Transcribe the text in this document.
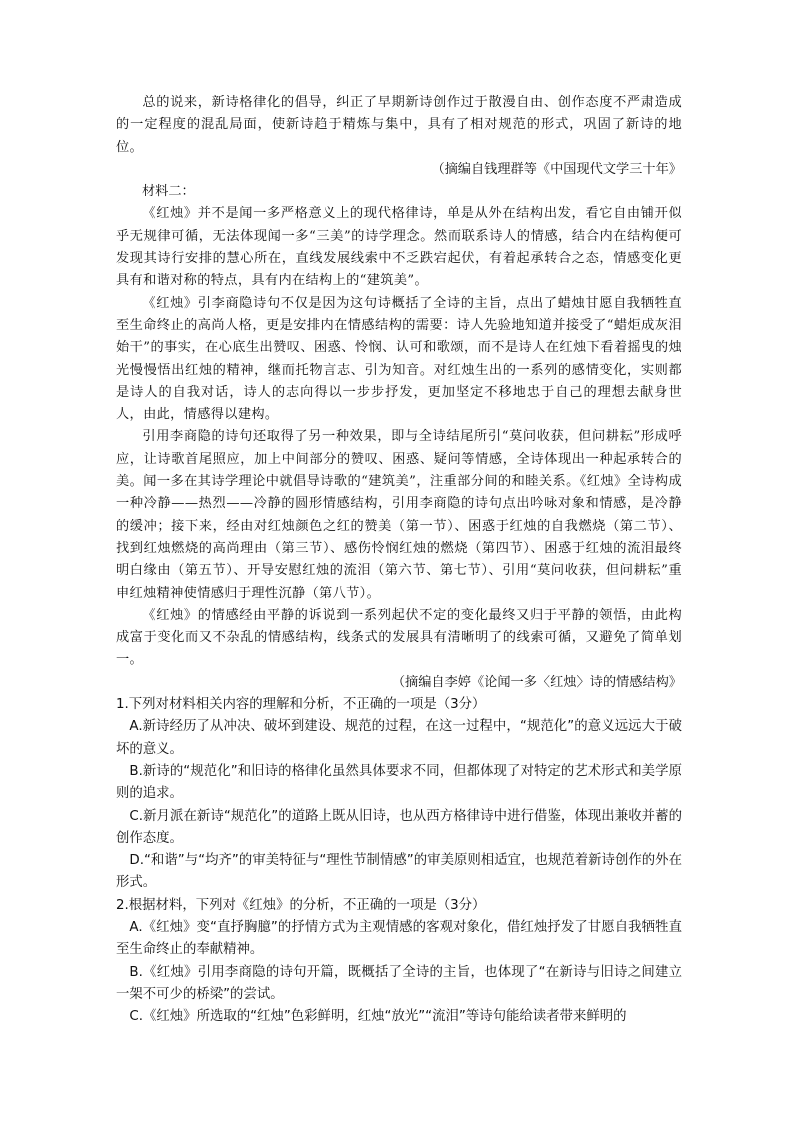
总的说来，新诗格律化的倡导，纠正了早期新诗创作过于散漫自由、创作态度不严肃造成的一定程度的混乱局面，使新诗趋于精炼与集中，具有了相对规范的形式，巩固了新诗的地位。

（摘编自钱理群等《中国现代文学三十年》

材料二：

《红烛》并不是闻一多严格意义上的现代格律诗，单是从外在结构出发，看它自由铺开似乎无规律可循，无法体现闻一多“三美”的诗学理念。然而联系诗人的情感，结合内在结构便可发现其诗行安排的慧心所在，直线发展线索中不乏跌宕起伏，有着起承转合之态，情感变化更具有和谐对称的特点，具有内在结构上的“建筑美”。

《红烛》引李商隐诗句不仅是因为这句诗概括了全诗的主旨，点出了蜡烛甘愿自我牺牲直至生命终止的高尚人格，更是安排内在情感结构的需要：诗人先验地知道并接受了“蜡炬成灰泪始干”的事实，在心底生出赞叹、困惑、怜悯、认可和歌颂，而不是诗人在红烛下看着摇曳的烛光慢慢悟出红烛的精神，继而托物言志、引为知音。对红烛生出的一系列的感情变化，实则都是诗人的自我对话，诗人的志向得以一步步抒发，更加坚定不移地忠于自己的理想去献身世人，由此，情感得以建构。

引用李商隐的诗句还取得了另一种效果，即与全诗结尾所引“莫问收获，但问耕耘”形成呼应，让诗歌首尾照应，加上中间部分的赞叹、困惑、疑问等情感，全诗体现出一种起承转合的美。闻一多在其诗学理论中就倡导诗歌的“建筑美”，注重部分间的和睦关系。《红烛》全诗构成一种冷静——热烈——冷静的圆形情感结构，引用李商隐的诗句点出吟咏对象和情感，是冷静的缓冲；接下来，经由对红烛颜色之红的赞美（第一节）、困惑于红烛的自我燃烧（第二节）、找到红烛燃烧的高尚理由（第三节）、感伤怜悯红烛的燃烧（第四节）、困惑于红烛的流泪最终明白缘由（第五节）、开导安慰红烛的流泪（第六节、第七节）、引用“莫问收获，但问耕耘”重申红烛精神使情感归于理性沉静（第八节）。

《红烛》的情感经由平静的诉说到一系列起伏不定的变化最终又归于平静的领悟，由此构成富于变化而又不杂乱的情感结构，线条式的发展具有清晰明了的线索可循，又避免了简单划一。

（摘编自李婷《论闻一多〈红烛〉诗的情感结构》

1.下列对材料相关内容的理解和分析，不正确的一项是（3分）

A.新诗经历了从冲决、破坏到建设、规范的过程，在这一过程中，“规范化”的意义远远大于破坏的意义。

B.新诗的“规范化”和旧诗的格律化虽然具体要求不同，但都体现了对特定的艺术形式和美学原则的追求。

C.新月派在新诗“规范化”的道路上既从旧诗，也从西方格律诗中进行借鉴，体现出兼收并蓄的创作态度。

D.“和谐”与“均齐”的审美特征与“理性节制情感”的审美原则相适宜，也规范着新诗创作的外在形式。

2.根据材料，下列对《红烛》的分析，不正确的一项是（3分）

A.《红烛》变“直抒胸臆”的抒情方式为主观情感的客观对象化，借红烛抒发了甘愿自我牺牲直至生命终止的奉献精神。

B.《红烛》引用李商隐的诗句开篇，既概括了全诗的主旨，也体现了“在新诗与旧诗之间建立一架不可少的桥梁”的尝试。

C.《红烛》所选取的“红烛”色彩鲜明，红烛“放光”“流泪”等诗句能给读者带来鲜明的
